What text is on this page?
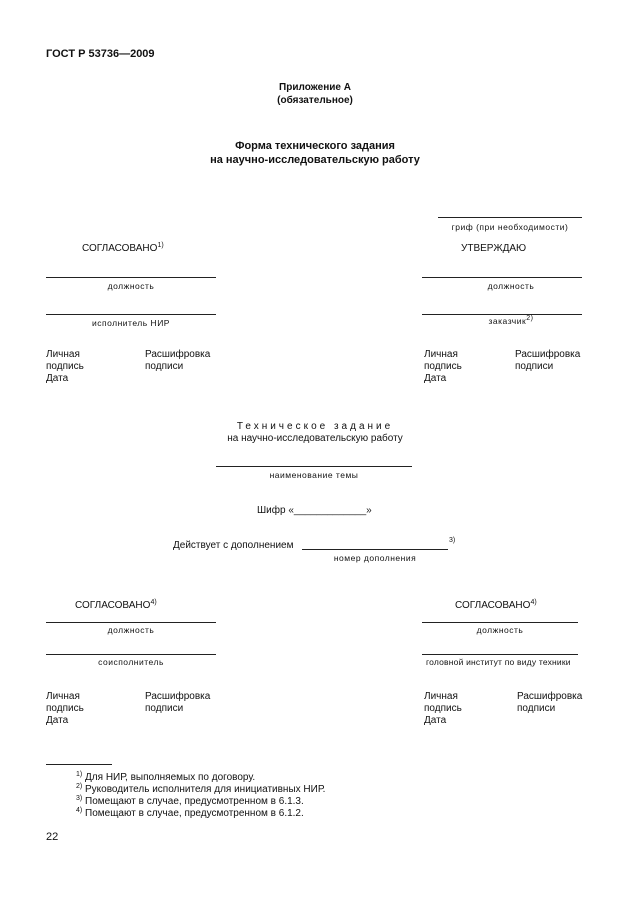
ГОСТ Р 53736—2009
Приложение А
(обязательное)
Форма технического задания
на научно-исследовательскую работу
гриф (при необходимости)
СОГЛАСОВАНО$^{1)}$
должность
исполнитель НИР
Личная
подпись
Дата
Расшифровка
подписи
УТВЕРЖДАЮ
должность
заказчик$^{2)}$
Личная
подпись
Дата
Расшифровка
подписи
Техническое задание
на научно-исследовательскую работу
наименование темы
Шифр «_____________»
Действует с дополнением	3)
номер дополнения
СОГЛАСОВАНО$^{4)}$
должность
соисполнитель
Личная
подпись
Дата
Расшифровка
подписи
СОГЛАСОВАНО$^{4)}$
должность
головной институт по виду техники
Личная
подпись
Дата
Расшифровка
подписи
$^{1)}$ Для НИР, выполняемых по договору.
$^{2)}$ Руководитель исполнителя для инициативных НИР.
$^{3)}$ Помещают в случае, предусмотренном в 6.1.3.
$^{4)}$ Помещают в случае, предусмотренном в 6.1.2.
22
